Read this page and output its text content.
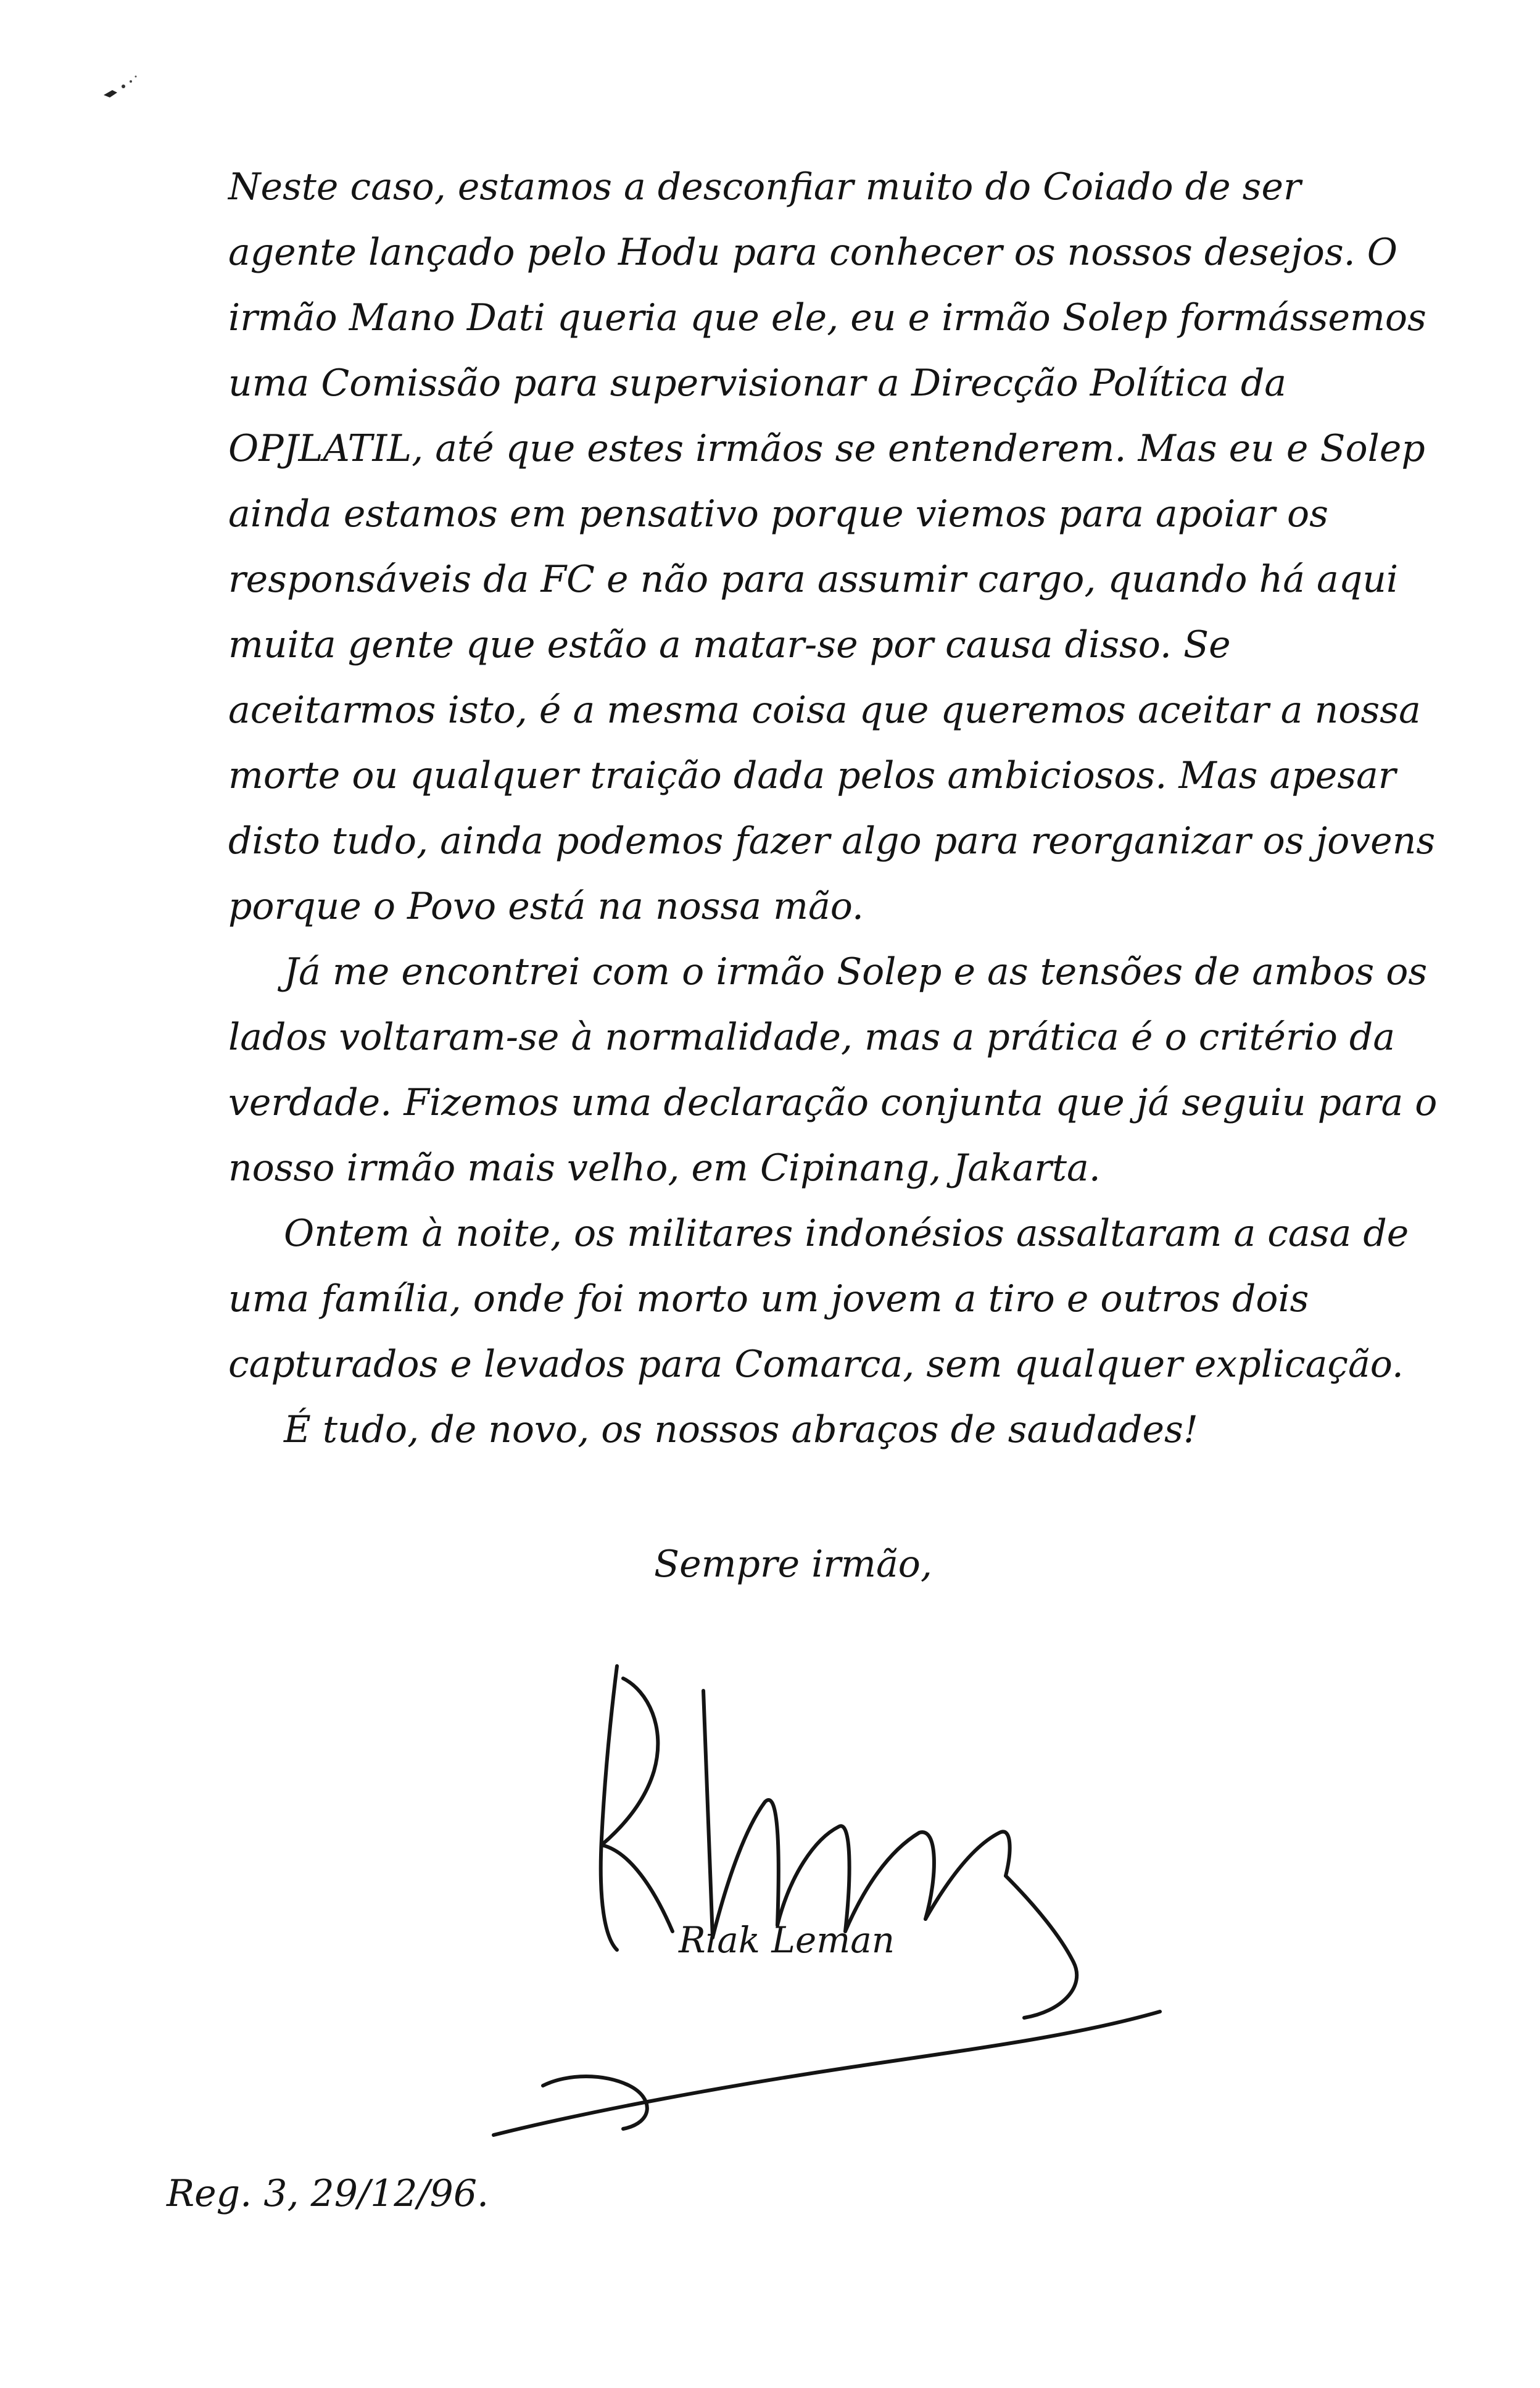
Neste caso, estamos a desconfiar muito do Coiado de ser agente lançado pelo Hodu para conhecer os nossos desejos. O irmão Mano Dati queria que ele, eu e irmão Solep formássemos uma Comissão para supervisionar a Direcção Política da OPJLATIL, até que estes irmãos se entenderem. Mas eu e Solep ainda estamos em pensativo porque viemos para apoiar os responsáveis da FC e não para assumir cargo, quando há aqui muita gente que estão a matar-se por causa disso. Se aceitarmos isto, é a mesma coisa que queremos aceitar a nossa morte ou qualquer traição dada pelos ambiciosos. Mas apesar disto tudo, ainda podemos fazer algo para reorganizar os jovens porque o Povo está na nossa mão.

Já me encontrei com o irmão Solep e as tensões de ambos os lados voltaram-se à normalidade, mas a prática é o critério da verdade. Fizemos uma declaração conjunta que já seguiu para o nosso irmão mais velho, em Cipinang, Jakarta.

Ontem à noite, os militares indonésios assaltaram a casa de uma família, onde foi morto um jovem a tiro e outros dois capturados e levados para Comarca, sem qualquer explicação.

É tudo, de novo, os nossos abraços de saudades!

Sempre irmão,
Riak Leman
Reg. 3, 29/12/96.
